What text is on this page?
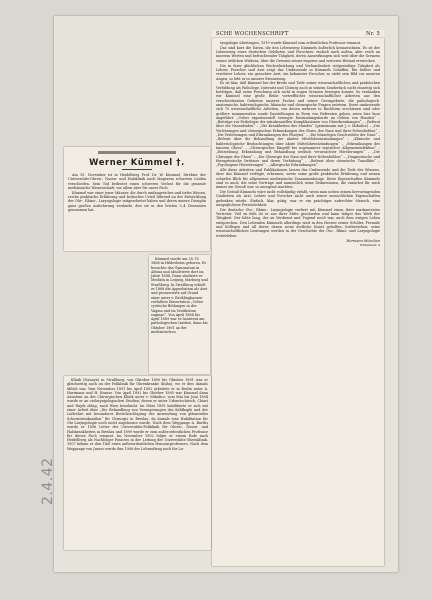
SCHE WOCHENSCHRIFT	Nr. 5
Werner Kümmel †.

Am 19. November ist in Heidelberg Prof. Dr. W. Kümmel, Direktor der Universitäts-Ohren-, Nasen- und Halsklinik nach längerem schweren Leiden verschieden. Sein Tod bedeutet einen schweren Verlust für die gesamte medizinische Wissenschaft, vor allem aber für unser Fach.

Kümmel war einer jener Männer, die durch umfangreiches und tiefes Wissen, reiche praktische Erfahrung und kritisches Urteil führend an der Entwicklung der Ohr-, Rhino-, Laryngologie mitgearbeitet haben und deren unsere Disziplin ganz großen Aufschwung verdankt, den sie in den letzten 3–4 Dezennien genommen hat.

Kümmel wurde am 28. IV. 1866 in Hildesheim geboren. Er besuchte das Gymnasium in Altona und absolvierte dort im Jahre 1884. Dann studierte er Medizin in Leipzig, Marburg und Straßburg. In Straßburg erhielt er 1888 die Approbation als Arzt und promovierte auf Grund einer unter v. Recklinghausen verfaßten Dissertation „Ueber cystische Bildungen in der Vagina und im Vestibulum vaginae“. Von April 1888 bis April 1889 war er Assistent am pathologischen Institut, dann bis Oktober 1891 an der medizinischen

Klinik (Naunyn) in Straßburg, von Oktober 1890 bis Oktober 1891 war er gleichzeitig auch an der Poliklinik für Ohrenkranke (Kuhn), wo er dies damals üblich war. Vom November 1891 bis April 1892 arbeitete er in Berlin unter A. Hartmann und H. Krause. Von April 1892 bis Oktober 1895 war Kümmel dann Assistent an der Chirurgischen Klinik unter v. Mikulicz, vom Mai bis Juni 1894 wurde er an otolaryngologischen Studien, denen er unter Urbantschitsch, Chiari und Hajek oblag, nach Wien beurlaubt. Im März 1895 habilitierte er sich mit einer Arbeit über „Die Behandlung von Verengerungen des Kehlkopfs und der Luftröhre mit besonderer Berücksichtigung der Anwendung von glänzenden Schornsteinkanülen“ für Chirurgie in Breslau, da damals eine Habilitation für Oto-Laryngologie noch nicht angelassen wurde. Nach dem Weggange A. Barths wurde er 1896 Leiter der Universitäts-Poliklinik für Ohren-, Nasen- und Halskrankheiten in Breslau und 1899 wurde er zum außerordentlichen Professor für dieses Fach ernannt. Im November 1902 folgte er einem Rufe nach Heidelberg als Nachfolger Passows in der Leitung der Universitäts-Ohrenklinik. 1907 bekam er den Titel eines außerordentlichen Honorarprofessors. Nach dem Weggange von Jurasz wurde ihm 1908 der Lehrauftrag noch für La-

ryngologie übertragen; 1919 wurde Kümmel zum ordentlichen Professor ernannt.

Das sind kurz die Daten, die den Lebensweg Kümmels äußerlich kennzeichnen. Es ist der Lebensweg eines deutschen Gelehrten und Forschers: einfach nach außen, aber reich an innerem Werten und befruchtender Tätigkeit, deren Auswirkungen sich weit über die Grenzen seines örtlichen Wirkens, über die Grenzen seiner engeren und weiteren Heimat erstrecken.

Die in ihrer glücklichen Wechselwirkung und Verbundenheit vielgestaltige Tätigkeit als Lehrer, Forscher und Arzt zeigt das Umfassende in Kümmels Schaffen. Ein liebter und verehrter Lehrer, ein gesuchter Arzt, ein bekannter Forscher, so steht sein Bild vor unseren Augen, so lebt er in unserer Erinnerung.

Es ist klar, daß Kümmel bei der Breite und Tiefe seiner wissenschaftlichen und praktischen Verbildung als Pathologe, Internist und Chirurg auch in seinem Sonderfach nicht einseitig sich betätigen, daß seine Forschung sich nicht in engen Grenzen bewegen konnte. So verdanken wir Kümmel eine große Reihe vortrefflicher wissenschaftlicher Arbeiten aus den verschiedensten Gebieten unseres Faches und seiner Grenzgebiete, die pathologisch-anatomische, bakteriologische, klinische und chirurgische Fragen erörtern. Diese umfassende sich 70 wissenschaftliche Arbeiten, von denen mehrere in Buchform erschienen sind oder größere monumentöse sonde Darstellungen in Form von Referaten geben, seien hier kurz angeführt: „Ueber experimentell erzeugte Entzündungsherde im Gehirn von Hunden“ – „Beiträge zur Pathologie der intrakraniellen Komplikationen von Ohrerkrankungen“ – „Referat über die Nasenleiden“ – „Die Krankheiten des Mundes“ (gemeinsam mit J. v. Mikulicz) – „Die Verletzungen und chirurgischen Erkrankungen des Ohres, der Nase und ihrer Nebenhöhlen“ – „Die Verletzungen und Erkrankungen des Pharynx“ – „Die bösartigen Geschwülste der Nase“ – „Referat über die Behandlung der akuten Mittelohrentzündungen“ – „Klinische und bakteriologische Beobachtungen über akute Mittelohrentzündungen“ – „Erkrankungen des inneren Ohres“ – „Chirurgischer Eingriff bei sogenannter septischer Allgemeininfektion“ – „Entstehung, Erkrankung und Behandlung seelisch verursachter Hörstörungen“ – „Die Chirurgie des Ohres“ – „Die Chirurgie der Nase und ihrer Nebenhöhlen“ – „Diagnostische und therapeutische Irrtümer und deren Verhütung“ – „Referat über chronische Tonsillitis“ – „Psychogene Hörstörungen“ – „Allergische Erkrankungen“.

Alle diese Arbeiten und Publikationen lassen das Umfassende und die Tiefe des Wissens, über das Kümmel verfügte, erkennen, sowie seine große praktische Erfahrung und seinen scharfen Blick für allgemeine medizinische Zusammenhänge. Diese Eigenschaften Kümmels sind es auch, die seine Vorträge und namentlich seine Diskussionen, die zunächst für mich immer ein Genuß war, so anregend machten.

Die Gestalt Kümmels wäre nicht vollständig erfaßt, wenn man neben seinen hervorragenden Qualitäten als Arzt, Lehrer und Forscher nicht auch seiner menschlichen Eigenschaften gedenken würde. Einfach, klar, gütig, war er ein prächtiger aufrechter Mensch, eine ausgeglichene Persönlichkeit.

Die deutsche Oto-, Rhino-, Laryngologie verliert mit Kümmel einen ihrer markantesten Vertreter. Viel zu früh ist er aus ihrer Mitte geschieden und kann tätiger das Werk der Tätigkeit. Der lebte lang, der an Verdienst und Tugend reich war, auch dem ewigen Leben entsprechen. Den Lebenden Kümmels allerdings wird in den Herzen seiner Schüler, Freunde und Kollegen und all derer, denen seine ärztliche Kunst geholfen, fortbestehen; seine wissenschaftlichen Leistungen werden in der Geschichte der Oto-, Rhino- und Laryngologie weiterleben.

Hermann-München

Wilhelmstr. 4

2.4.42
